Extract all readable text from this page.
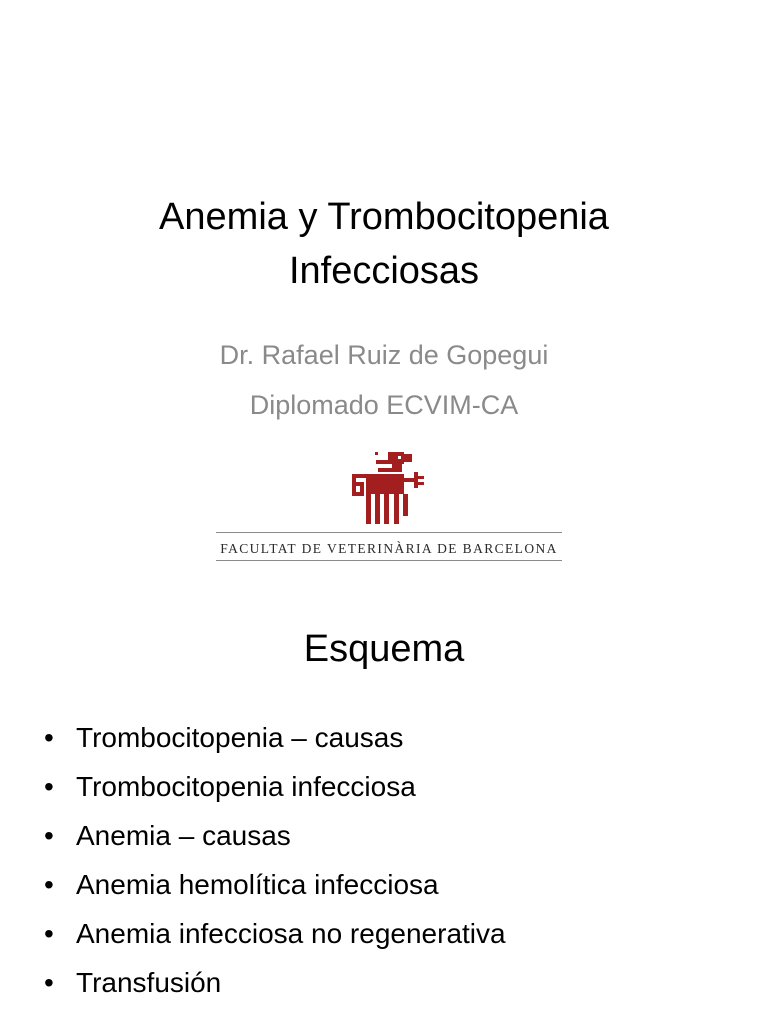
Anemia y Trombocitopenia
Infecciosas
Dr. Rafael Ruiz de Gopegui
Diplomado ECVIM-CA
FACULTAT DE VETERINÀRIA DE BARCELONA
Esquema
• Trombocitopenia – causas
• Trombocitopenia infecciosa
• Anemia – causas
• Anemia hemolítica infecciosa
• Anemia infecciosa no regenerativa
• Transfusión
